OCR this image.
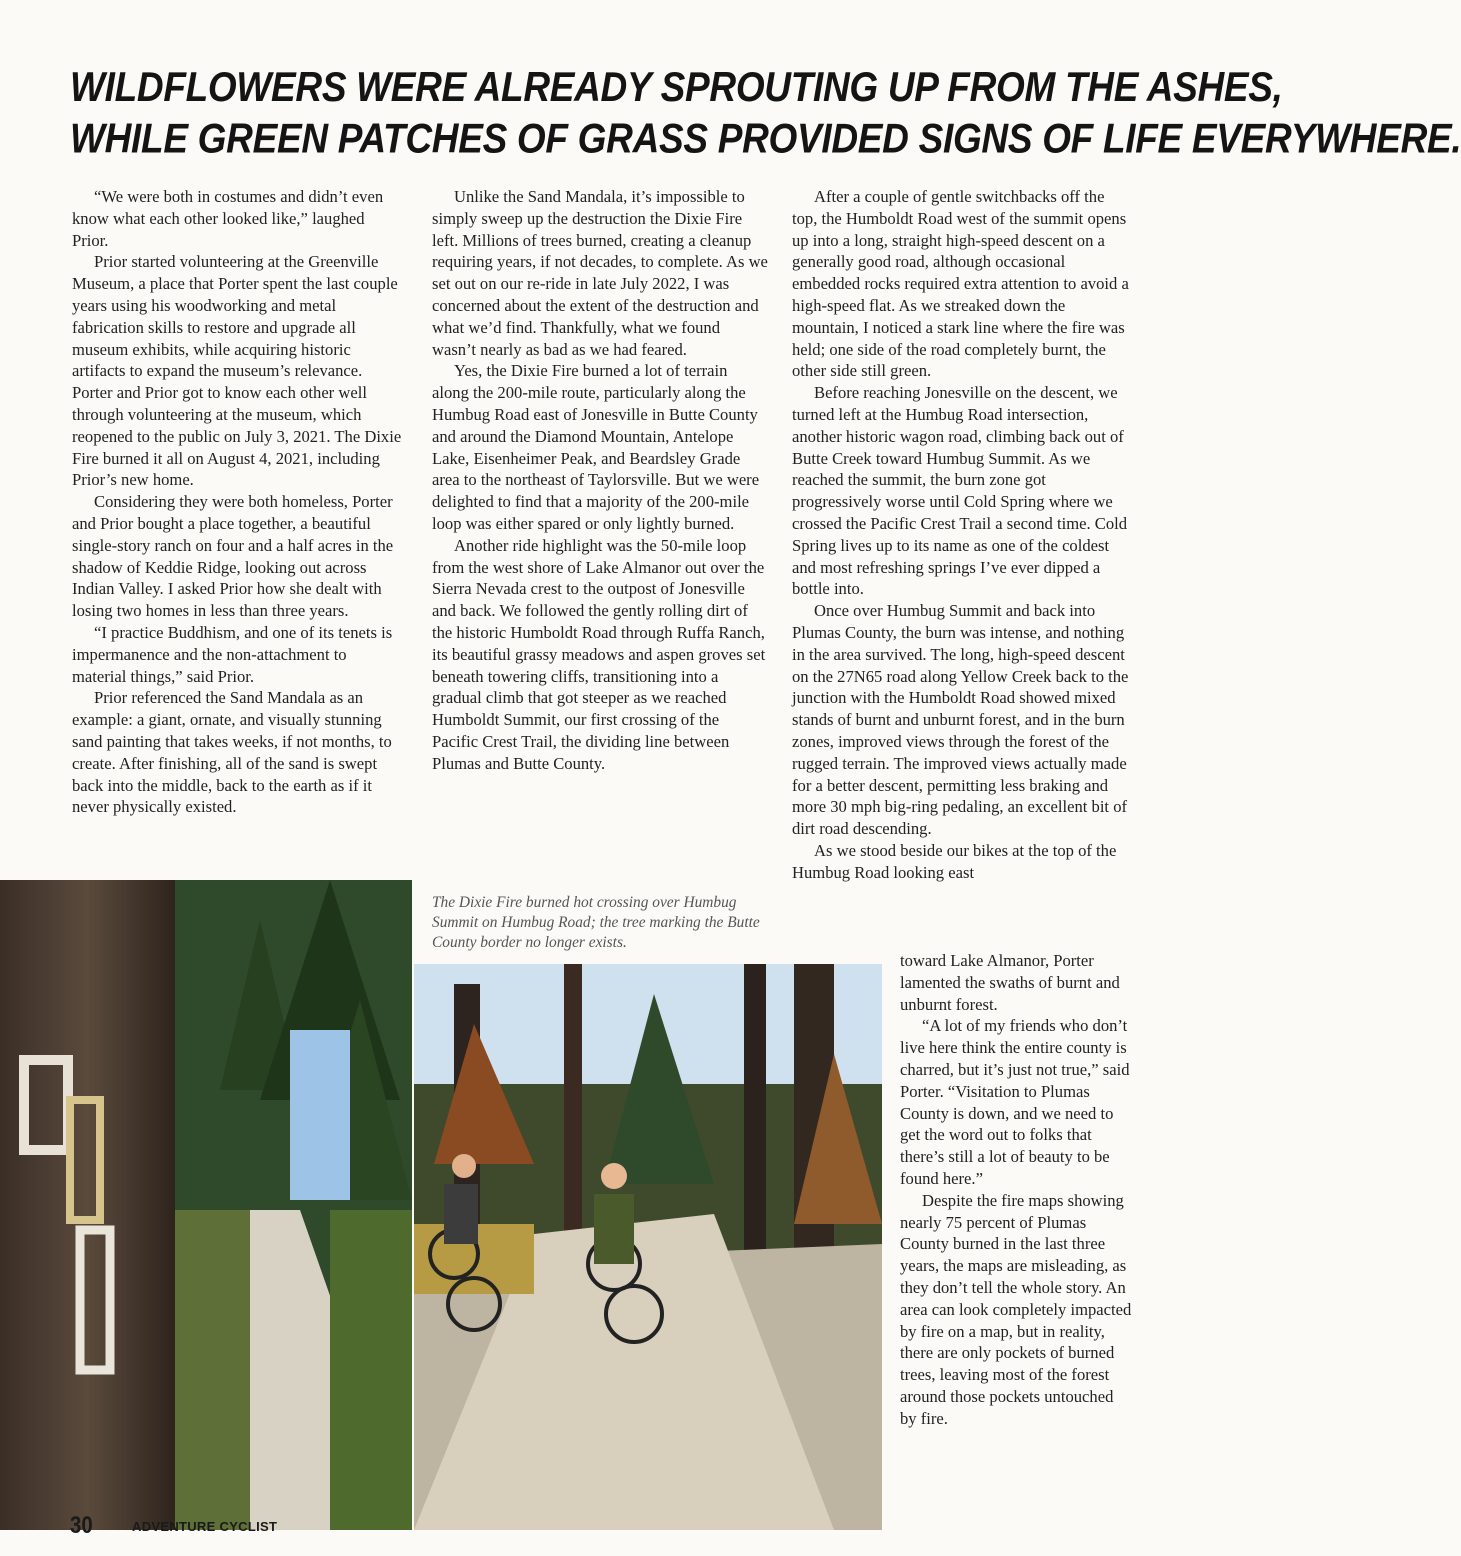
WILDFLOWERS WERE ALREADY SPROUTING UP FROM THE ASHES,
WHILE GREEN PATCHES OF GRASS PROVIDED SIGNS OF LIFE EVERYWHERE.

“We were both in costumes and didn’t even know what each other looked like,” laughed Prior.

Prior started volunteering at the Greenville Museum, a place that Porter spent the last couple years using his woodworking and metal fabrication skills to restore and upgrade all museum exhibits, while acquiring historic artifacts to expand the museum’s relevance. Porter and Prior got to know each other well through volunteering at the museum, which reopened to the public on July 3, 2021. The Dixie Fire burned it all on August 4, 2021, including Prior’s new home.

Considering they were both homeless, Porter and Prior bought a place together, a beautiful single-story ranch on four and a half acres in the shadow of Keddie Ridge, looking out across Indian Valley. I asked Prior how she dealt with losing two homes in less than three years.

“I practice Buddhism, and one of its tenets is impermanence and the non-attachment to material things,” said Prior.

Prior referenced the Sand Mandala as an example: a giant, ornate, and visually stunning sand painting that takes weeks, if not months, to create. After finishing, all of the sand is swept back into the middle, back to the earth as if it never physically existed.

Unlike the Sand Mandala, it’s impossible to simply sweep up the destruction the Dixie Fire left. Millions of trees burned, creating a cleanup requiring years, if not decades, to complete. As we set out on our re-ride in late July 2022, I was concerned about the extent of the destruction and what we’d find. Thankfully, what we found wasn’t nearly as bad as we had feared.

Yes, the Dixie Fire burned a lot of terrain along the 200-mile route, particularly along the Humbug Road east of Jonesville in Butte County and around the Diamond Mountain, Antelope Lake, Eisenheimer Peak, and Beardsley Grade area to the northeast of Taylorsville. But we were delighted to find that a majority of the 200-mile loop was either spared or only lightly burned.

Another ride highlight was the 50-mile loop from the west shore of Lake Almanor out over the Sierra Nevada crest to the outpost of Jonesville and back. We followed the gently rolling dirt of the historic Humboldt Road through Ruffa Ranch, its beautiful grassy meadows and aspen groves set beneath towering cliffs, transitioning into a gradual climb that got steeper as we reached Humboldt Summit, our first crossing of the Pacific Crest Trail, the dividing line between Plumas and Butte County.

After a couple of gentle switchbacks off the top, the Humboldt Road west of the summit opens up into a long, straight high-speed descent on a generally good road, although occasional embedded rocks required extra attention to avoid a high-speed flat. As we streaked down the mountain, I noticed a stark line where the fire was held; one side of the road completely burnt, the other side still green.

Before reaching Jonesville on the descent, we turned left at the Humbug Road intersection, another historic wagon road, climbing back out of Butte Creek toward Humbug Summit. As we reached the summit, the burn zone got progressively worse until Cold Spring where we crossed the Pacific Crest Trail a second time. Cold Spring lives up to its name as one of the coldest and most refreshing springs I’ve ever dipped a bottle into.

Once over Humbug Summit and back into Plumas County, the burn was intense, and nothing in the area survived. The long, high-speed descent on the 27N65 road along Yellow Creek back to the junction with the Humboldt Road showed mixed stands of burnt and unburnt forest, and in the burn zones, improved views through the forest of the rugged terrain. The improved views actually made for a better descent, permitting less braking and more 30 mph big-ring pedaling, an excellent bit of dirt road descending.

As we stood beside our bikes at the top of the Humbug Road looking east

toward Lake Almanor, Porter lamented the swaths of burnt and unburnt forest.

“A lot of my friends who don’t live here think the entire county is charred, but it’s just not true,” said Porter. “Visitation to Plumas County is down, and we need to get the word out to folks that there’s still a lot of beauty to be found here.”

Despite the fire maps showing nearly 75 percent of Plumas County burned in the last three years, the maps are misleading, as they don’t tell the whole story. An area can look completely impacted by fire on a map, but in reality, there are only pockets of burned trees, leaving most of the forest around those pockets untouched by fire.

The Dixie Fire burned hot crossing over Humbug Summit on Humbug Road; the tree marking the Butte County border no longer exists.
30	ADVENTURE CYCLIST
